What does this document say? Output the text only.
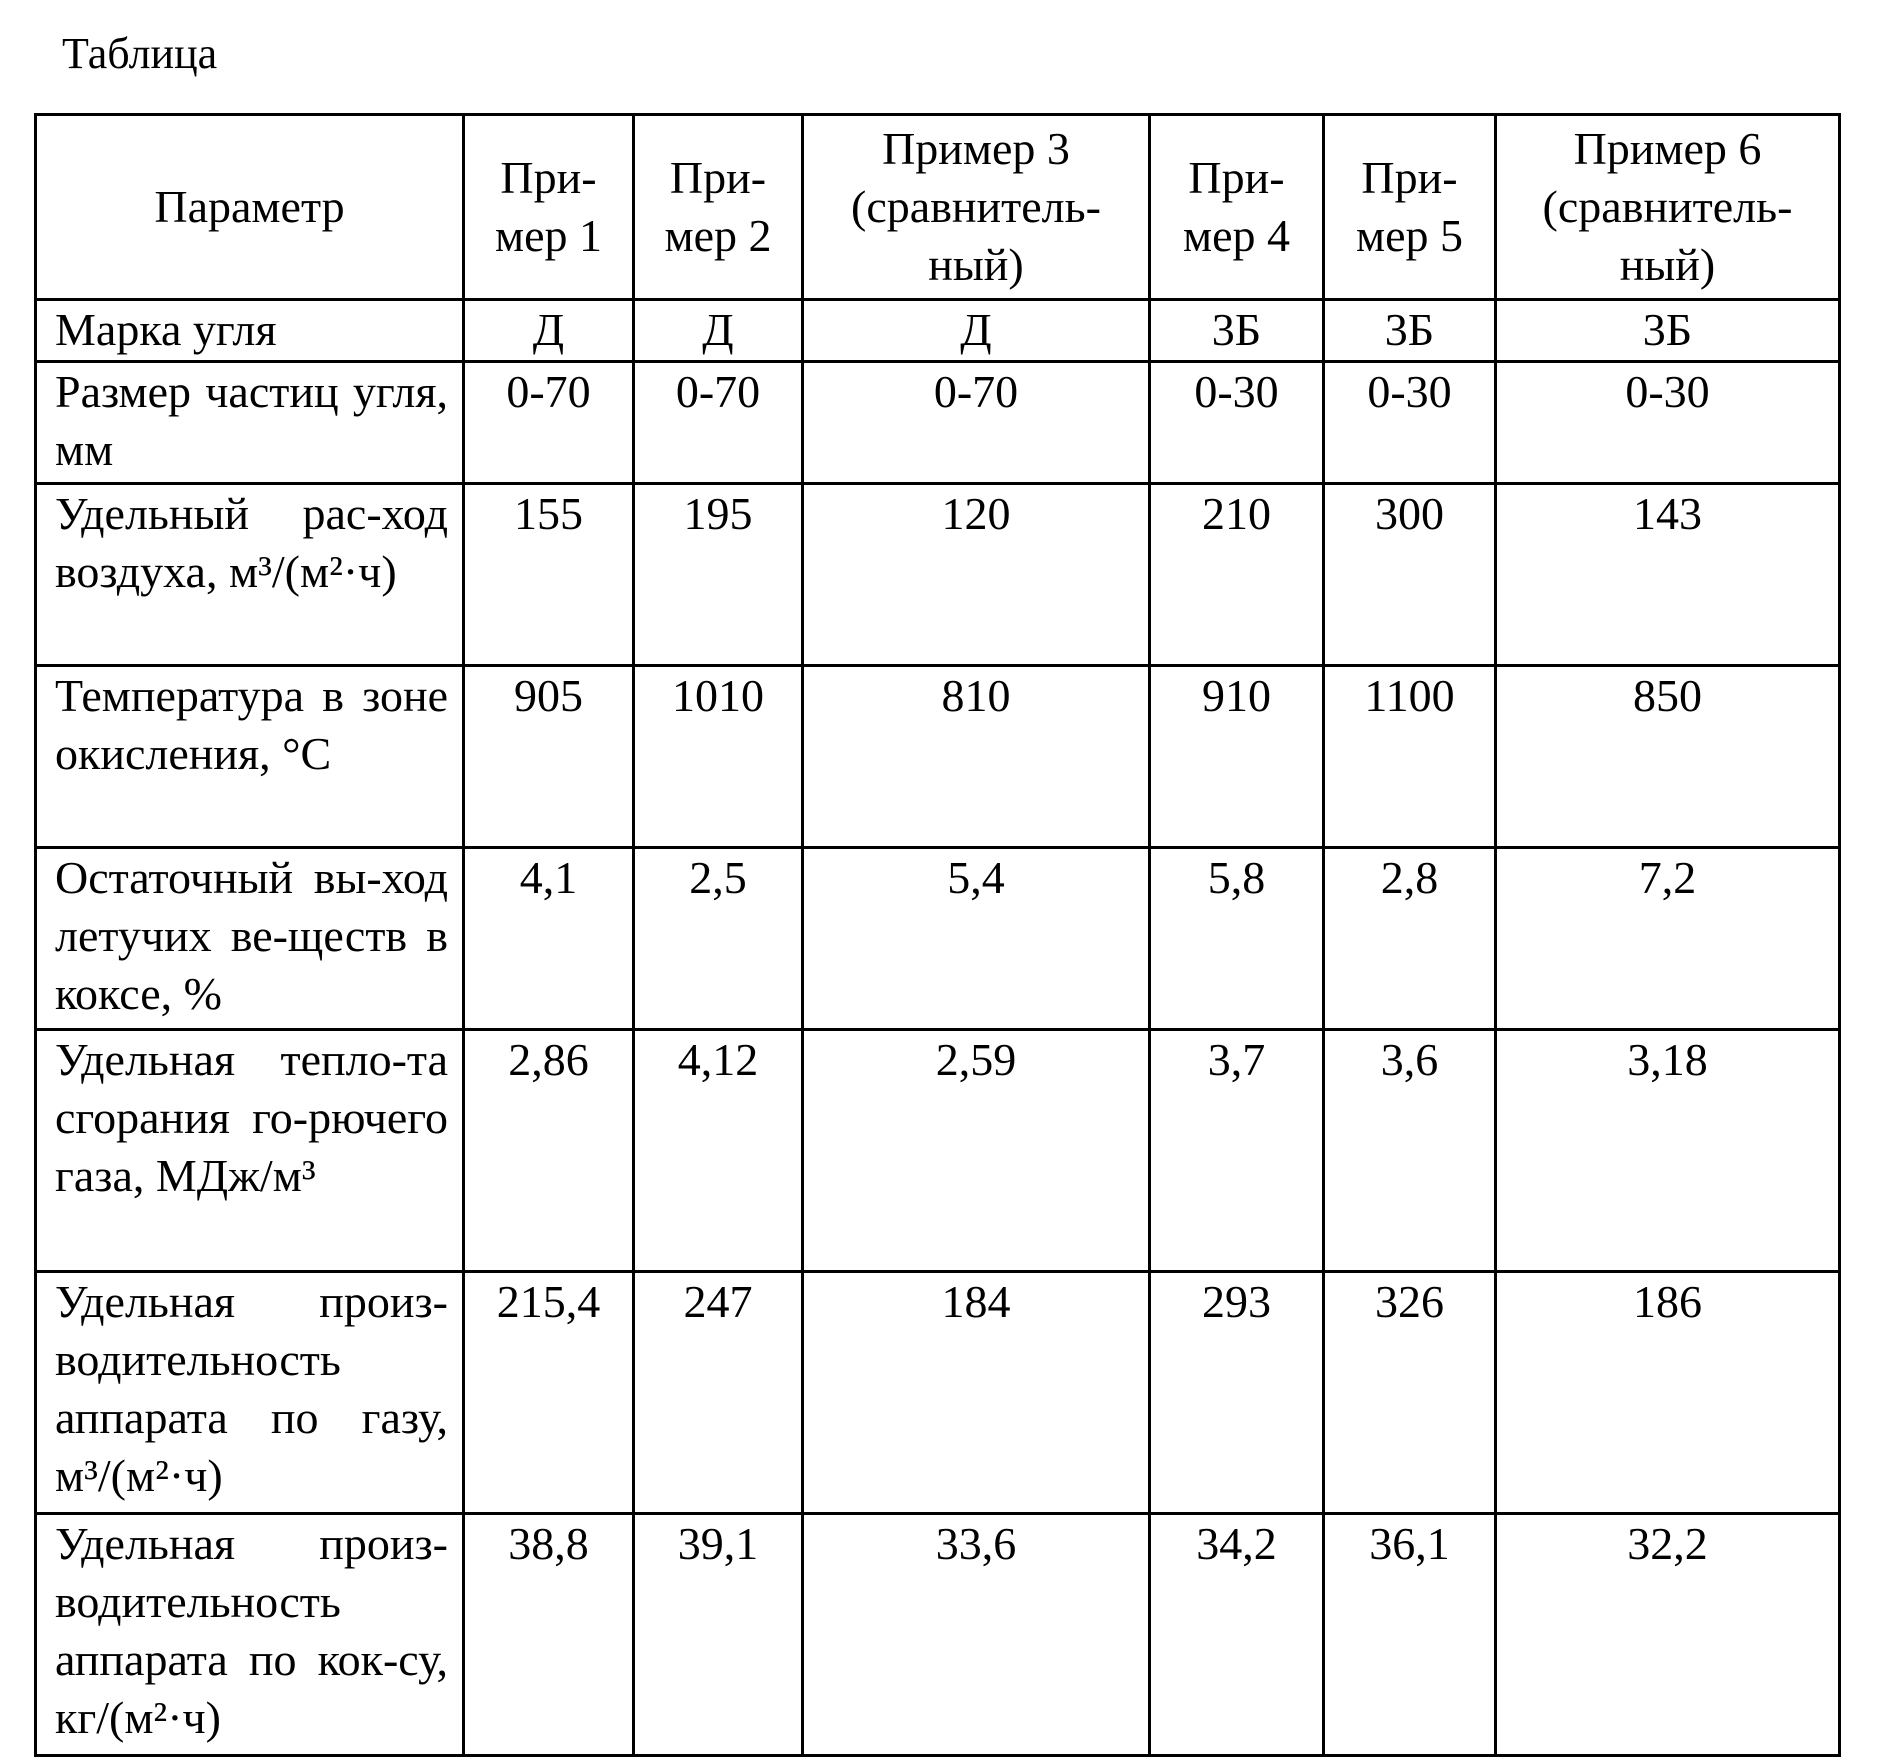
Таблица
Параметр	При-мер 1	При-мер 2	Пример 3 (сравнитель-ный)	При-мер 4	При-мер 5	Пример 6 (сравнитель-ный)
Марка угля	Д	Д	Д	3Б	3Б	3Б
Размер частиц угля, мм	0-70	0-70	0-70	0-30	0-30	0-30
Удельный рас-ход воздуха, м³/(м²·ч)	155	195	120	210	300	143
Температура в зоне окисления, °С	905	1010	810	910	1100	850
Остаточный вы-ход летучих ве-ществ в коксе, %	4,1	2,5	5,4	5,8	2,8	7,2
Удельная тепло-та сгорания го-рючего газа, МДж/м³	2,86	4,12	2,59	3,7	3,6	3,18
Удельная произ-водительность аппарата по газу, м³/(м²·ч)	215,4	247	184	293	326	186
Удельная произ-водительность аппарата по кок-су, кг/(м²·ч)	38,8	39,1	33,6	34,2	36,1	32,2
